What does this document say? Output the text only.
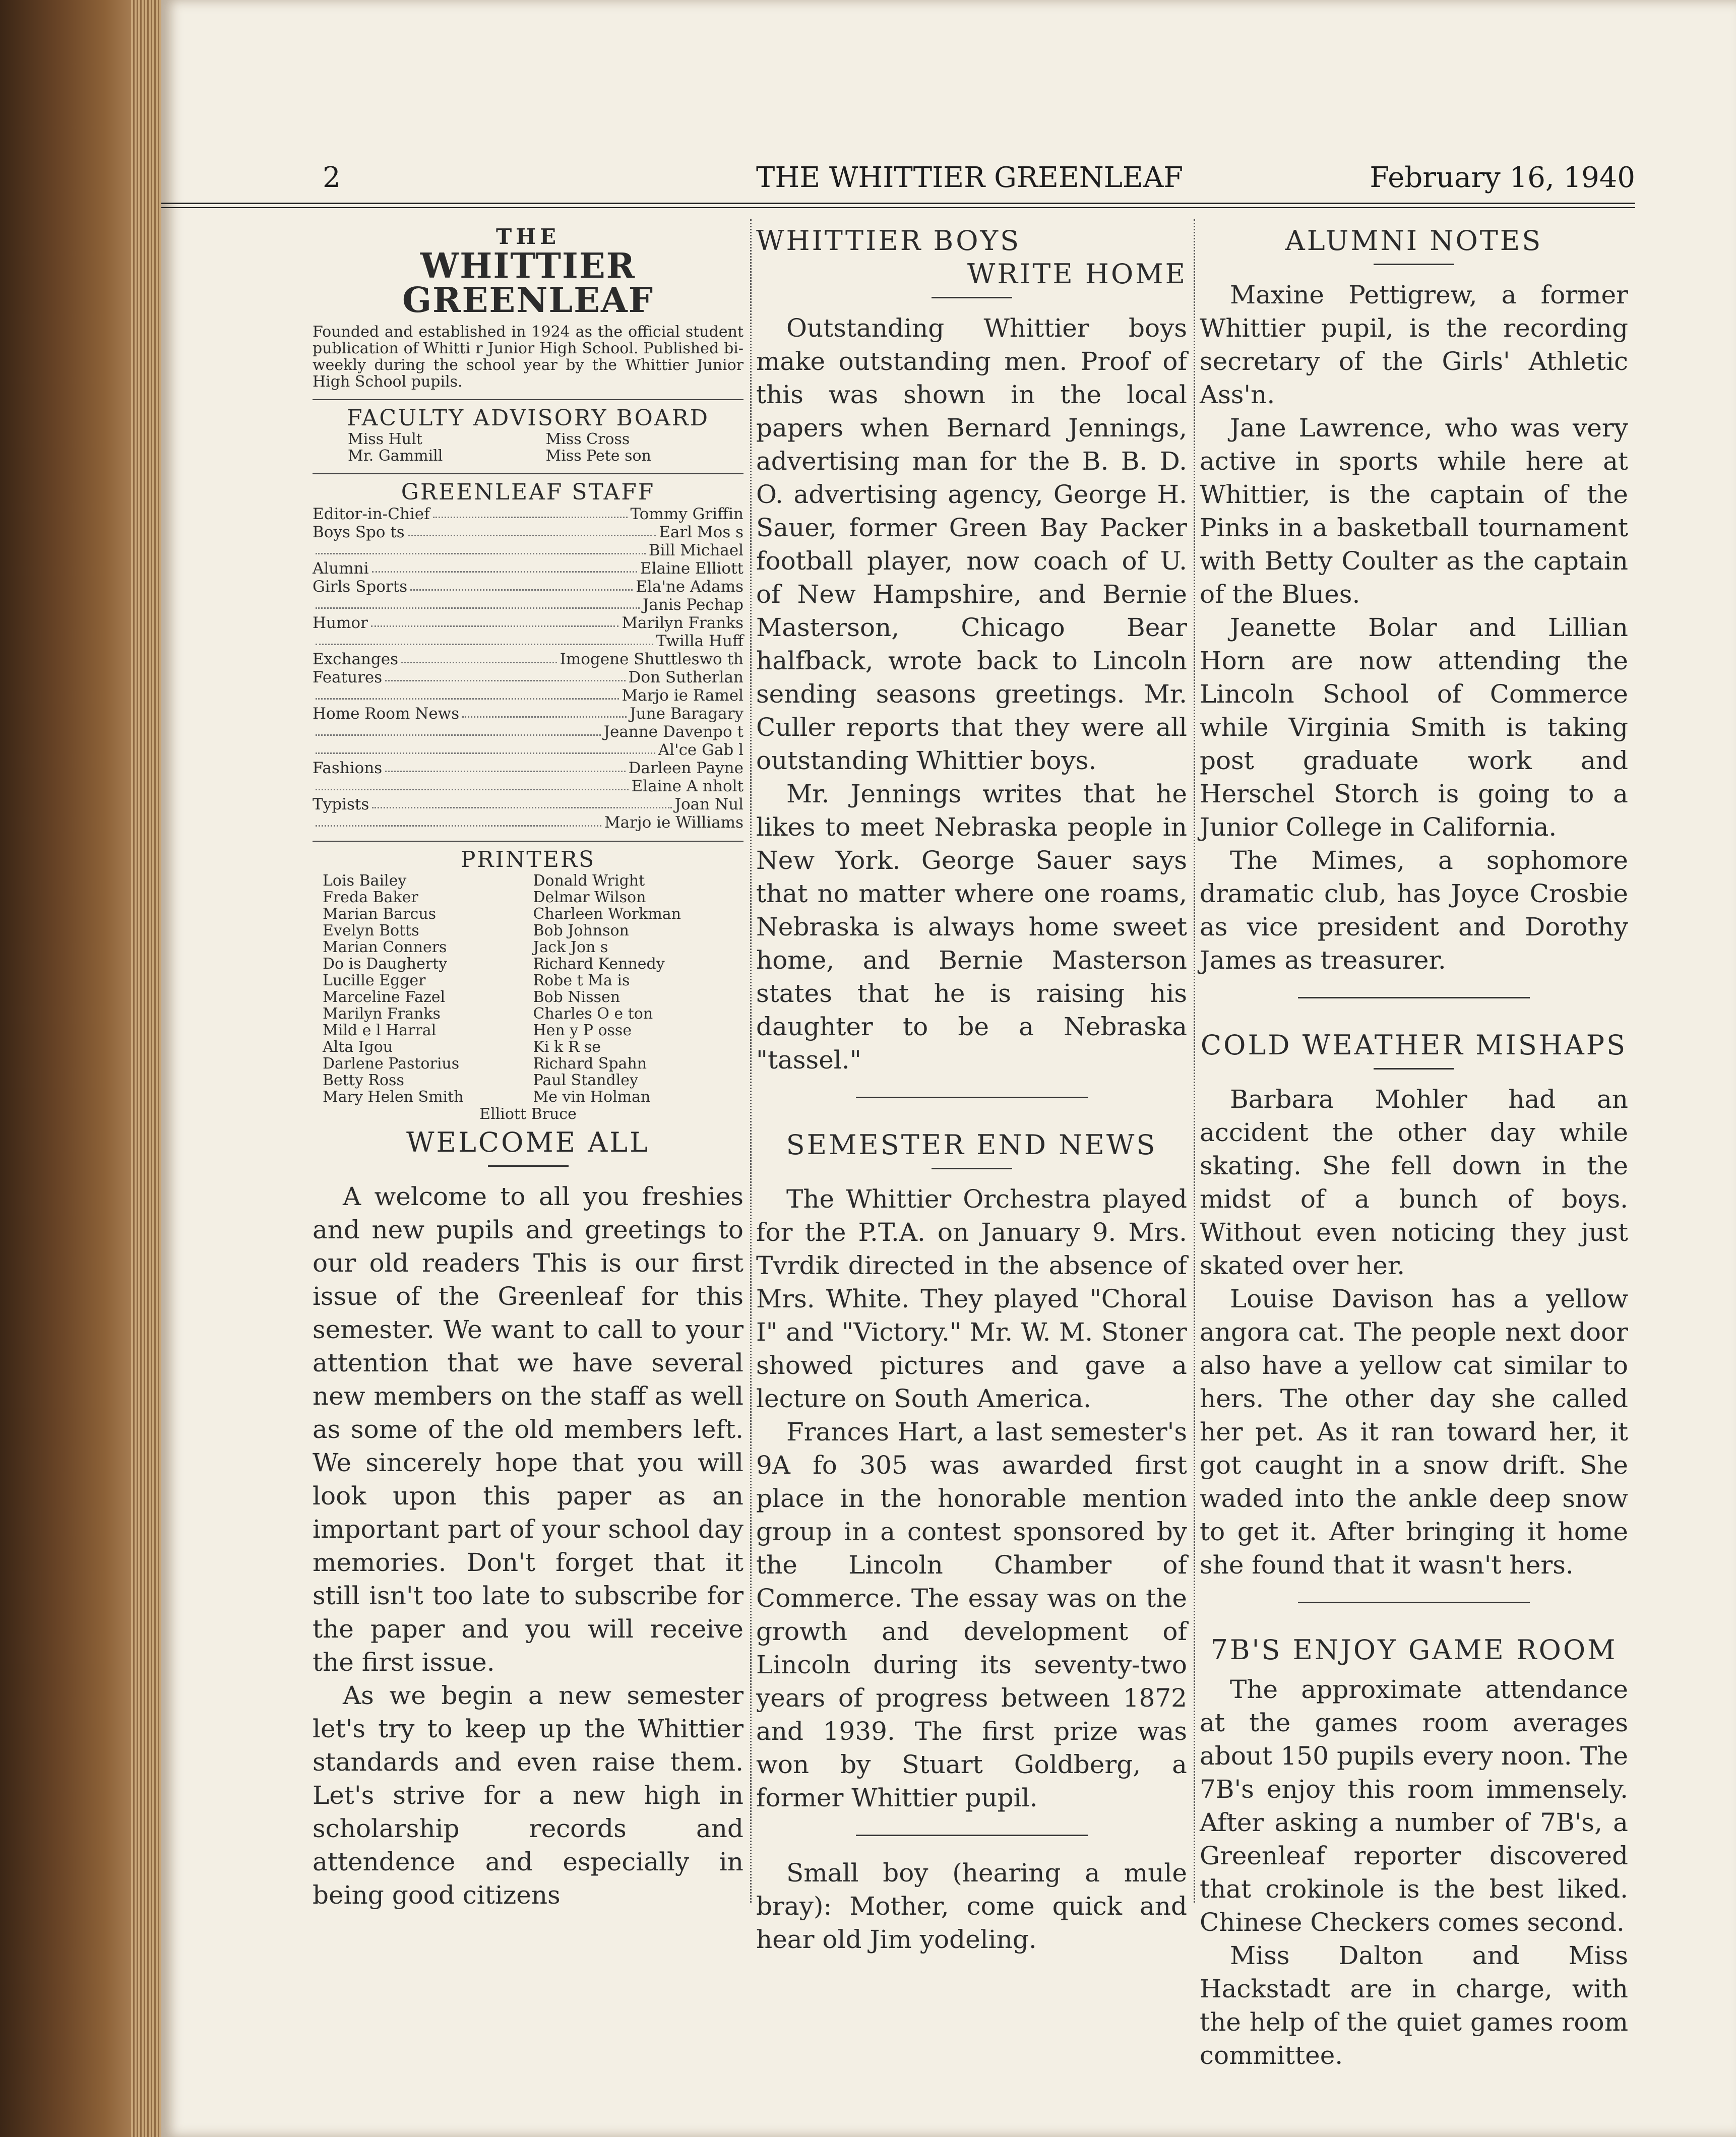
2	THE WHITTIER GREENLEAF	February 16, 1940
THE
WHITTIER GREENLEAF
Founded and established in 1924 as the official student publication of Whitti r Junior High School. Published bi-weekly during the school year by the Whittier Junior High School pupils.
FACULTY ADVISORY BOARD
Miss Hult	Miss Cross
Mr. Gammill	Miss Pete son
GREENLEAF STAFF
Editor-in-Chief	Tommy Griffin
Boys Spo ts	Earl Mos s
Bill Michael
Alumni	Elaine Elliott
Girls Sports	Ela'ne Adams
Janis Pechap
Humor	Marilyn Franks
Twilla Huff
Exchanges	Imogene Shuttleswo th
Features	Don Sutherlan
Marjo ie Ramel
Home Room News	June Baragary
Jeanne Davenpo t
Al'ce Gab l
Fashions	Darleen Payne
Elaine A nholt
Typists	Joan Nul
Marjo ie Williams
PRINTERS
Lois Bailey	Donald Wright
Freda Baker	Delmar Wilson
Marian Barcus	Charleen Workman
Evelyn Botts	Bob Johnson
Marian Conners	Jack Jon s
Do is Daugherty	Richard Kennedy
Lucille Egger	Robe t Ma is
Marceline Fazel	Bob Nissen
Marilyn Franks	Charles O e ton
Mild e l Harral	Hen y P osse
Alta Igou	Ki k R se
Darlene Pastorius	Richard Spahn
Betty Ross	Paul Standley
Mary Helen Smith	Me vin Holman
Elliott Bruce
WELCOME ALL

A welcome to all you freshies and new pupils and greetings to our old readers This is our first issue of the Greenleaf for this semester. We want to call to your attention that we have several new members on the staff as well as some of the old members left. We sincerely hope that you will look upon this paper as an important part of your school day memories. Don't forget that it still isn't too late to subscribe for the paper and you will receive the first issue.

As we begin a new semester let's try to keep up the Whittier standards and even raise them. Let's strive for a new high in scholarship records and attendence and especially in being good citizens

WHITTIER BOYS
WRITE HOME

Outstanding Whittier boys make outstanding men. Proof of this was shown in the local papers when Bernard Jennings, advertising man for the B. B. D. O. advertising agency, George H. Sauer, former Green Bay Packer football player, now coach of U. of New Hampshire, and Bernie Masterson, Chicago Bear halfback, wrote back to Lincoln sending seasons greetings. Mr. Culler reports that they were all outstanding Whittier boys.

Mr. Jennings writes that he likes to meet Nebraska people in New York. George Sauer says that no matter where one roams, Nebraska is always home sweet home, and Bernie Masterson states that he is raising his daughter to be a Nebraska "tassel."

SEMESTER END NEWS

The Whittier Orchestra played for the P.T.A. on January 9. Mrs. Tvrdik directed in the absence of Mrs. White. They played "Choral I" and "Victory." Mr. W. M. Stoner showed pictures and gave a lecture on South America.

Frances Hart, a last semester's 9A fo 305 was awarded first place in the honorable mention group in a contest sponsored by the Lincoln Chamber of Commerce. The essay was on the growth and development of Lincoln during its seventy-two years of progress between 1872 and 1939. The first prize was won by Stuart Goldberg, a former Whittier pupil.

Small boy (hearing a mule bray): Mother, come quick and hear old Jim yodeling.

ALUMNI NOTES

Maxine Pettigrew, a former Whittier pupil, is the recording secretary of the Girls' Athletic Ass'n.

Jane Lawrence, who was very active in sports while here at Whittier, is the captain of the Pinks in a basketball tournament with Betty Coulter as the captain of the Blues.

Jeanette Bolar and Lillian Horn are now attending the Lincoln School of Commerce while Virginia Smith is taking post graduate work and Herschel Storch is going to a Junior College in California.

The Mimes, a sophomore dramatic club, has Joyce Crosbie as vice president and Dorothy James as treasurer.

COLD WEATHER MISHAPS

Barbara Mohler had an accident the other day while skating. She fell down in the midst of a bunch of boys. Without even noticing they just skated over her.

Louise Davison has a yellow angora cat. The people next door also have a yellow cat similar to hers. The other day she called her pet. As it ran toward her, it got caught in a snow drift. She waded into the ankle deep snow to get it. After bringing it home she found that it wasn't hers.

7B'S ENJOY GAME ROOM

The approximate attendance at the games room averages about 150 pupils every noon. The 7B's enjoy this room immensely. After asking a number of 7B's, a Greenleaf reporter discovered that crokinole is the best liked. Chinese Checkers comes second.

Miss Dalton and Miss Hackstadt are in charge, with the help of the quiet games room committee.
